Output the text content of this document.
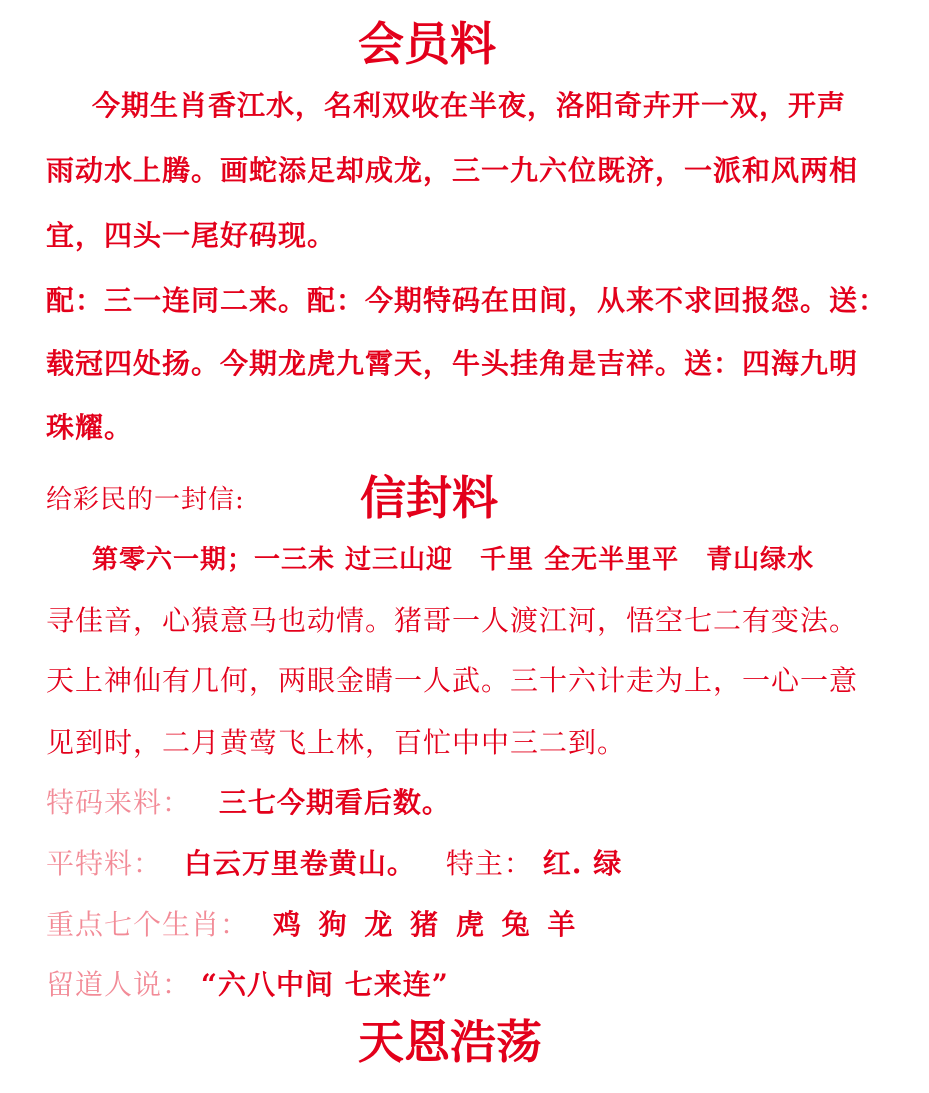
会员料
今期生肖香江水，名利双收在半夜，洛阳奇卉开一双，开声
雨动水上腾。画蛇添足却成龙，三一九六位既济，一派和风两相
宜，四头一尾好码现。
配：三一连同二来。配：今期特码在田间，从来不求回报怨。送：
载冠四处扬。今期龙虎九霄天，牛头挂角是吉祥。送：四海九明
珠耀。
给彩民的一封信:	信封料
第零六一期；一三未 过三山迎　千里 全无半里平　青山绿水
寻佳音，心猿意马也动情。猪哥一人渡江河，悟空七二有变法。
天上神仙有几何，两眼金睛一人武。三十六计走为上，一心一意
见到时，二月黄莺飞上林，百忙中中三二到。
特码来料： 三七今期看后数。
平特料： 白云万里卷黄山。 特主： 红. 绿
重点七个生肖： 鸡 狗 龙 猪 虎 兔 羊
留道人说： “六八中间 七来连”
天恩浩荡
